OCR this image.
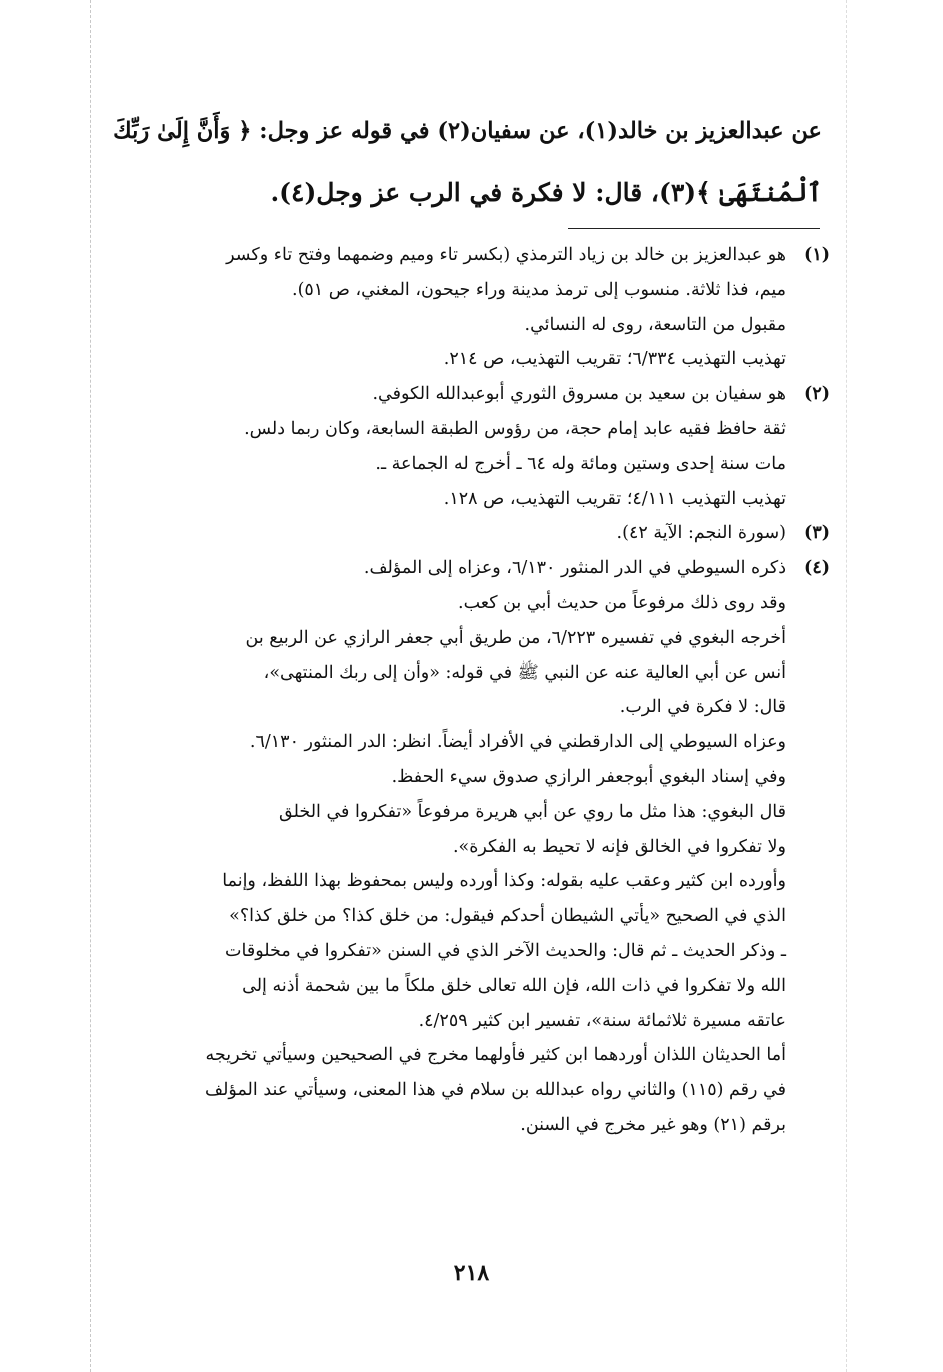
عن عبدالعزيز بن خالد(١)، عن سفيان(٢) في قوله عز وجل: ﴿ وَأَنَّ إِلَىٰ رَبِّكَ
ٱلْمُنتَهَىٰ ﴾(٣)، قال: لا فكرة في الرب عز وجل(٤).
(١)
هو عبدالعزيز بن خالد بن زياد الترمذي (بكسر تاء وميم وضمهما وفتح تاء وكسر
ميم، فذا ثلاثة. منسوب إلى ترمذ مدينة وراء جيحون، المغني، ص ٥١).
مقبول من التاسعة، روى له النسائي.
تهذيب التهذيب ٦/٣٣٤؛ تقريب التهذيب، ص ٢١٤.
(٢)
هو سفيان بن سعيد بن مسروق الثوري أبوعبدالله الكوفي.
ثقة حافظ فقيه عابد إمام حجة، من رؤوس الطبقة السابعة، وكان ربما دلس.
مات سنة إحدى وستين ومائة وله ٦٤ ـ أخرج له الجماعة ـ.
تهذيب التهذيب ٤/١١١؛ تقريب التهذيب، ص ١٢٨.
(٣)
(سورة النجم: الآية ٤٢).
(٤)
ذكره السيوطي في الدر المنثور ٦/١٣٠، وعزاه إلى المؤلف.
وقد روى ذلك مرفوعاً من حديث أبي بن كعب.
أخرجه البغوي في تفسيره ٦/٢٢٣، من طريق أبي جعفر الرازي عن الربيع بن
أنس عن أبي العالية عنه عن النبي ﷺ في قوله: «وأن إلى ربك المنتهى»،
قال: لا فكرة في الرب.
وعزاه السيوطي إلى الدارقطني في الأفراد أيضاً. انظر: الدر المنثور ٦/١٣٠.
وفي إسناد البغوي أبوجعفر الرازي صدوق سيء الحفظ.
قال البغوي: هذا مثل ما روي عن أبي هريرة مرفوعاً «تفكروا في الخلق
ولا تفكروا في الخالق فإنه لا تحيط به الفكرة».
وأورده ابن كثير وعقب عليه بقوله: وكذا أورده وليس بمحفوظ بهذا اللفظ، وإنما
الذي في الصحيح «يأتي الشيطان أحدكم فيقول: من خلق كذا؟ من خلق كذا؟»
ـ وذكر الحديث ـ ثم قال: والحديث الآخر الذي في السنن «تفكروا في مخلوقات
الله ولا تفكروا في ذات الله، فإن الله تعالى خلق ملكاً ما بين شحمة أذنه إلى
عاتقه مسيرة ثلاثمائة سنة»، تفسير ابن كثير ٤/٢٥٩.
أما الحديثان اللذان أوردهما ابن كثير فأولهما مخرج في الصحيحين وسيأتي تخريجه
في رقم (١١٥) والثاني رواه عبدالله بن سلام في هذا المعنى، وسيأتي عند المؤلف
برقم (٢١) وهو غير مخرج في السنن.
٢١٨
